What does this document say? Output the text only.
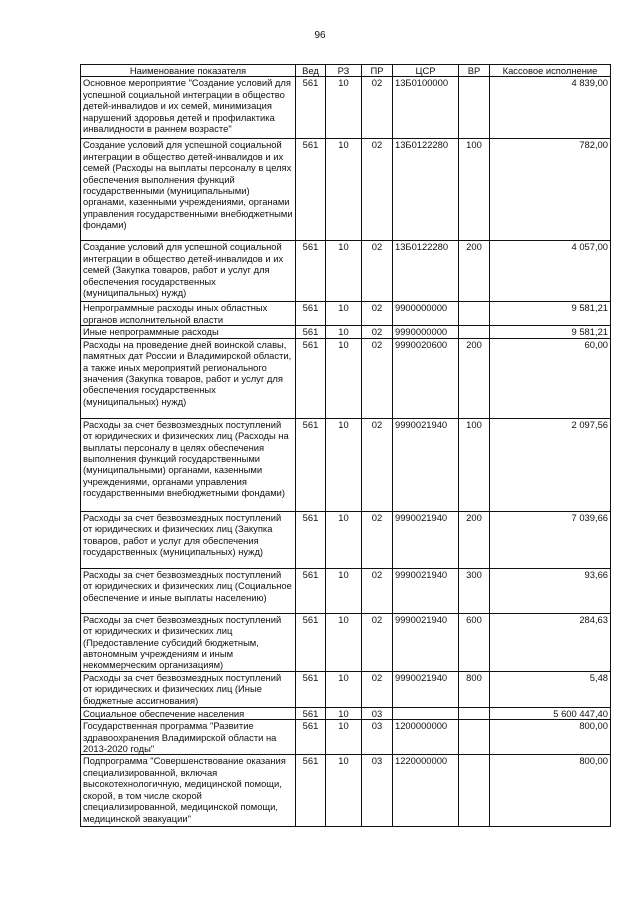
96
Наименование показателя	Вед	РЗ	ПР	ЦСР	ВР	Кассовое исполнение
Основное мероприятие "Создание условий для успешной социальной интеграции в общество детей-инвалидов и их семей, минимизация нарушений здоровья детей и профилактика инвалидности в раннем возрасте"	561	10	02	13Б0100000		4 839,00
Создание условий для успешной социальной интеграции в общество детей-инвалидов и их семей (Расходы на выплаты персоналу в целях обеспечения выполнения функций государственными (муниципальными) органами, казенными учреждениями, органами управления государственными внебюджетными фондами)	561	10	02	13Б0122280	100	782,00
Создание условий для успешной социальной интеграции в общество детей-инвалидов и их семей (Закупка товаров, работ и услуг для обеспечения государственных (муниципальных) нужд)	561	10	02	13Б0122280	200	4 057,00
Непрограммные расходы иных областных органов исполнительной власти	561	10	02	9900000000		9 581,21
Иные непрограммные расходы	561	10	02	9990000000		9 581,21
Расходы на проведение дней воинской славы, памятных дат России и Владимирской области, а также иных мероприятий регионального значения (Закупка товаров, работ и услуг для обеспечения государственных (муниципальных) нужд)	561	10	02	9990020600	200	60,00
Расходы за счет безвозмездных поступлений от юридических и физических лиц (Расходы на выплаты персоналу в целях обеспечения выполнения функций государственными (муниципальными) органами, казенными учреждениями, органами управления государственными внебюджетными фондами)	561	10	02	9990021940	100	2 097,56
Расходы за счет безвозмездных поступлений от юридических и физических лиц (Закупка товаров, работ и услуг для обеспечения государственных (муниципальных) нужд)	561	10	02	9990021940	200	7 039,66
Расходы за счет безвозмездных поступлений от юридических и физических лиц (Социальное обеспечение и иные выплаты населению)	561	10	02	9990021940	300	93,66
Расходы за счет безвозмездных поступлений от юридических и физических лиц (Предоставление субсидий бюджетным, автономным учреждениям и иным некоммерческим организациям)	561	10	02	9990021940	600	284,63
Расходы за счет безвозмездных поступлений от юридических и физических лиц (Иные бюджетные ассигнования)	561	10	02	9990021940	800	5,48
Социальное обеспечение населения	561	10	03			5 600 447,40
Государственная программа "Развитие здравоохранения Владимирской области на 2013-2020 годы"	561	10	03	1200000000		800,00
Подпрограмма "Совершенствование оказания специализированной, включая высокотехнологичную, медицинской помощи, скорой, в том числе скорой специализированной, медицинской помощи, медицинской эвакуации"	561	10	03	1220000000		800,00
